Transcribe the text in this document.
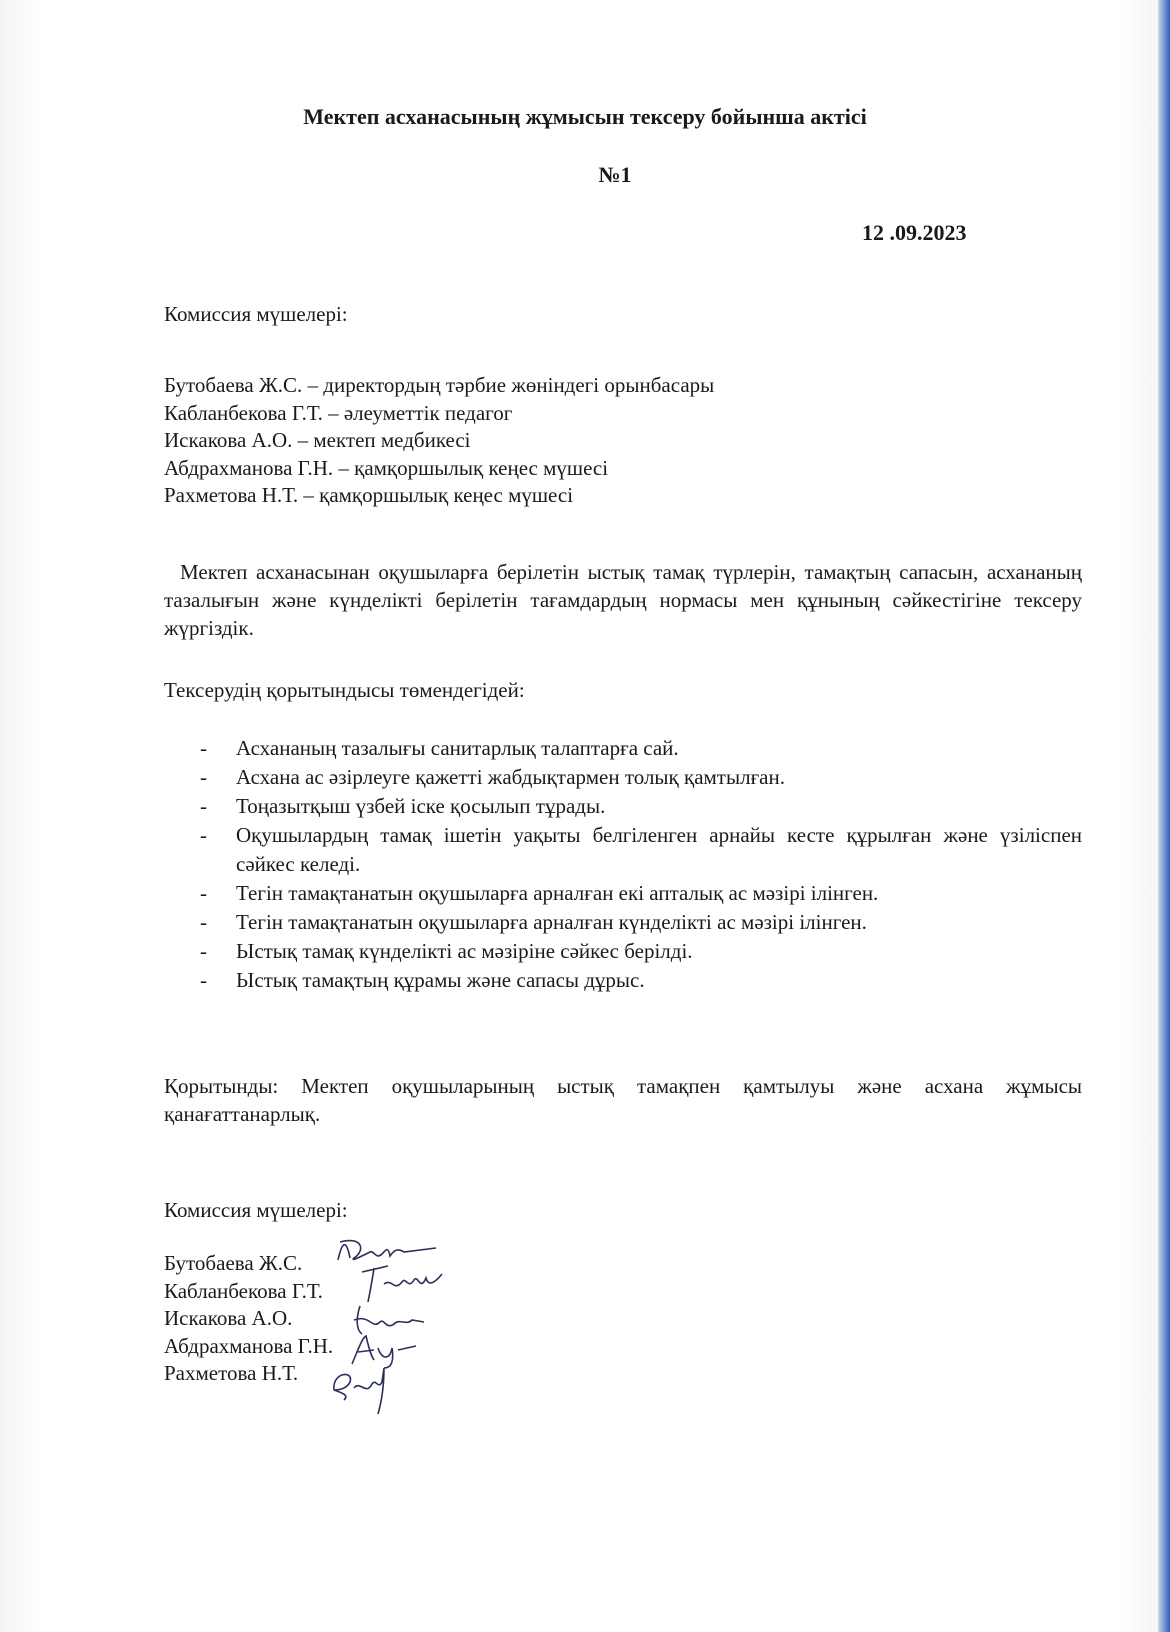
Мектеп асханасының жұмысын тексеру бойынша актісі
№1
12 .09.2023
Комиссия мүшелері:
Бутобаева Ж.С. – директордың тәрбие жөніндегі орынбасары
Кабланбекова Г.Т. – әлеуметтік педагог
Искакова А.О. – мектеп медбикесі
Абдрахманова Г.Н. – қамқоршылық кеңес мүшесі
Рахметова Н.Т. – қамқоршылық кеңес мүшесі
Мектеп асханасынан оқушыларға берілетін ыстық тамақ түрлерін, тамақтың сапасын, асхананың тазалығын және күнделікті берілетін тағамдардың нормасы мен құнының сәйкестігіне тексеру жүргіздік.
Тексерудің қорытындысы төмендегідей:
- Асхананың тазалығы санитарлық талаптарға сай.
- Асхана ас әзірлеуге қажетті жабдықтармен толық қамтылған.
- Тоңазытқыш үзбей іске қосылып тұрады.
- Оқушылардың тамақ ішетін уақыты белгіленген арнайы кесте құрылған және үзіліспен сәйкес келеді.
- Тегін тамақтанатын оқушыларға арналған екі апталық ас мәзірі ілінген.
- Тегін тамақтанатын оқушыларға арналған күнделікті ас мәзірі ілінген.
- Ыстық тамақ күнделікті ас мәзіріне сәйкес берілді.
- Ыстық тамақтың құрамы және сапасы дұрыс.
Қорытынды: Мектеп оқушыларының ыстық тамақпен қамтылуы және асхана жұмысы қанағаттанарлық.
Комиссия мүшелері:
Бутобаева Ж.С.
Кабланбекова Г.Т.
Искакова А.О.
Абдрахманова Г.Н.
Рахметова Н.Т.
